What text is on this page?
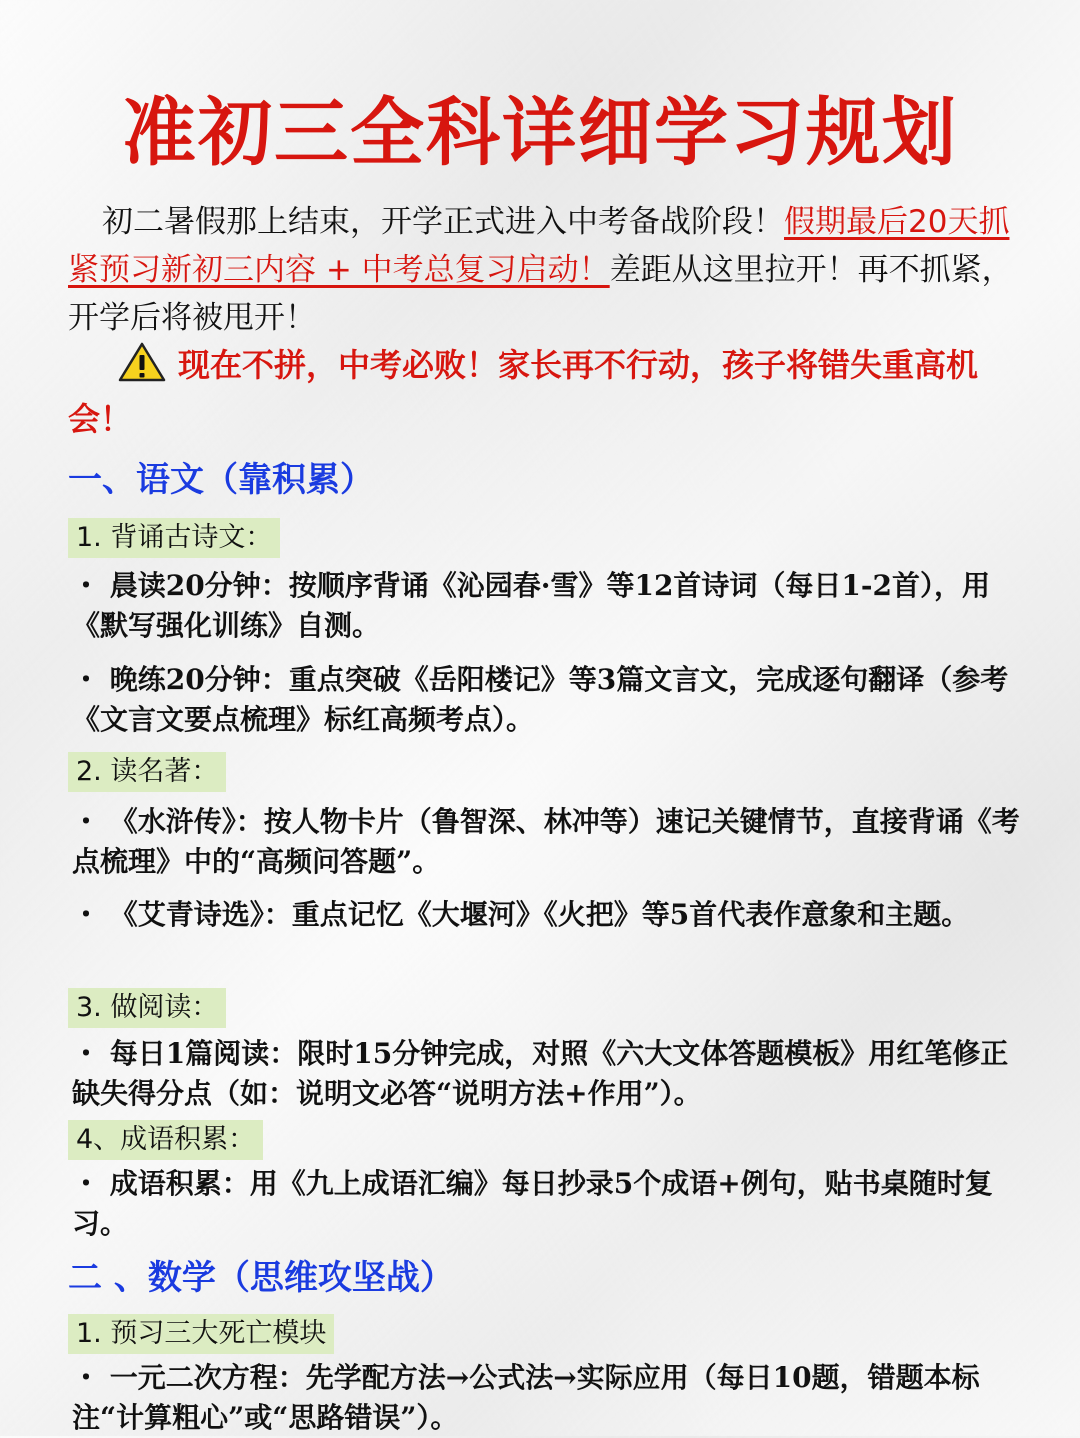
准初三全科详细学习规划
初二暑假那上结束，开学正式进入中考备战阶段！假期最后20天抓紧预习新初三内容 + 中考总复习启动！差距从这里拉开！再不抓紧，开学后将被甩开！
现在不拼，中考必败！家长再不行动，孩子将错失重高机会！
一、语文（靠积累）
1. 背诵古诗文：
・ 晨读20分钟：按顺序背诵《沁园春·雪》等12首诗词（每日1-2首），用《默写强化训练》自测。
・ 晚练20分钟：重点突破《岳阳楼记》等3篇文言文，完成逐句翻译（参考《文言文要点梳理》标红高频考点）。
2. 读名著：
・ 《水浒传》：按人物卡片（鲁智深、林冲等）速记关键情节，直接背诵《考点梳理》中的“高频问答题”。
・ 《艾青诗选》：重点记忆《大堰河》《火把》等5首代表作意象和主题。
3. 做阅读：
・ 每日1篇阅读：限时15分钟完成，对照《六大文体答题模板》用红笔修正缺失得分点（如：说明文必答“说明方法+作用”）。
4、成语积累：
・ 成语积累：用《九上成语汇编》每日抄录5个成语+例句，贴书桌随时复习。
二 、数学（思维攻坚战）
1. 预习三大死亡模块
・ 一元二次方程：先学配方法→公式法→实际应用（每日10题，错题本标注“计算粗心”或“思路错误”）。
